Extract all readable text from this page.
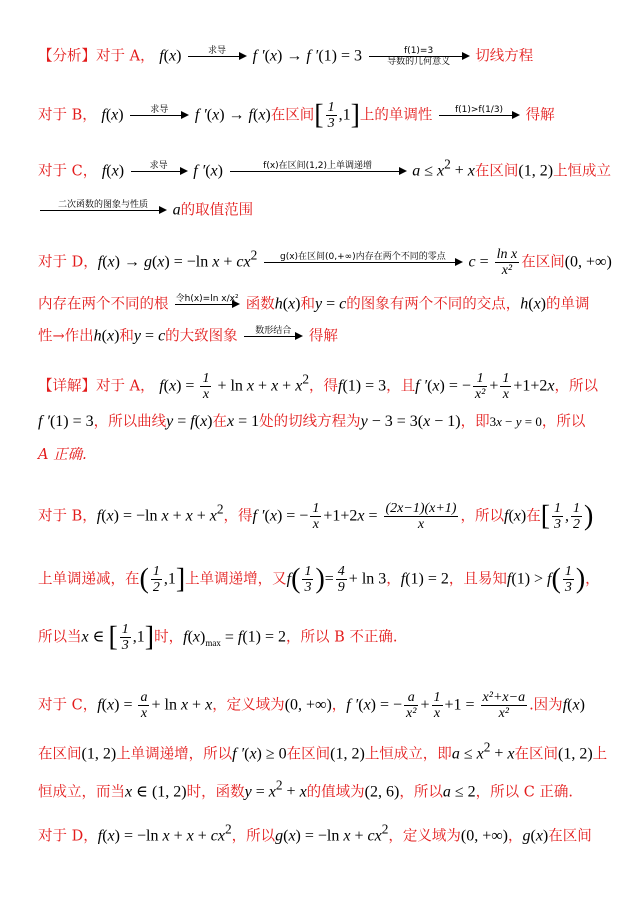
【分析】对于 A， f(x)	求导
	f ′(x) → f ′(1) = 3	f(1)=3
导数的几何意义	切线方程
对于 B， f(x)	求导
	f ′(x) → f(x)在区间[ $\frac{1}{3} ,1$]上的单调性	f(1)>f(1/3)
	得解
对于 C， f(x)	求导
	f ′(x)	f(x)在区间(1,2)上单调递增
	$a \le x^2 + x$在区间(1, 2)上恒成立
二次函数的图象与性质
	a的取值范围
对于 D，f(x) → g(x) = −ln $x + cx^2$	g(x)在区间(0,+∞)内存在两个不同的零点
	$c = \frac{\text{ln x}}{\text{x²}}$ 在区间(0, +∞)
内存在两个不同的根 令h(x)=ln x/x²
函数h(x)和y = c的图象有两个不同的交点，h(x)的单调
性→作出h(x)和y = c的大致图象	数形结合
	得解
【详解】对于 A， $f(x) = \frac{1}{x} + \ln x + x + x^2$，得f(1) = 3，且f ′(x) = − $\frac{1}{\text{x²}} + \frac{1}{x} +1+2x$，所以
f ′(1) = 3，所以曲线y = f(x)在x = 1处的切线方程为y − 3 = 3(x − 1)，即3x − y = 0，所以
A 正确.
对于 B，f(x) = −ln $x + x + x^2$，得f ′(x) = − $\frac{1}{x} +1+2x = \frac{(2x-1)(x+1)}{x}$ ，所以f(x)在[ $\frac{1}{3}$ , $\frac{1}{2}$ )
上单调递减，在( $\frac{1}{2} ,1$]上单调递增，又$f( \frac{1}{3}$ )= $\frac{4}{9} + \ln 3$，f(1) = 2，且易知$f(1) > f( \frac{1}{3}$ )，
所以当x ∈ [ $\frac{1}{3} ,1$]时，$f(x)_{max} = f(1) = 2$，所以 B 不正确.
对于 C，$f(x) = \frac{a}{x} + \ln x + x$，定义域为(0, +∞)，f ′(x) = − $\frac{a}{\text{x²}} + \frac{1}{x} +1 = \frac{\text{x²+x−a}}{\text{x²}}$ .因为f(x)
在区间(1, 2)上单调递增，所以f ′(x) ≥ 0在区间(1, 2)上恒成立，即$a \le x^2 + x$在区间(1, 2)上
恒成立，而当x ∈ (1, 2)时，函数$y = x^2 + x$的值域为(2, 6)，所以a ≤ 2，所以 C 正确.
对于 D，f(x) = −ln $x + x + cx^2$，所以g(x) = −ln $x + cx^2$，定义域为(0, +∞)，g(x)在区间
